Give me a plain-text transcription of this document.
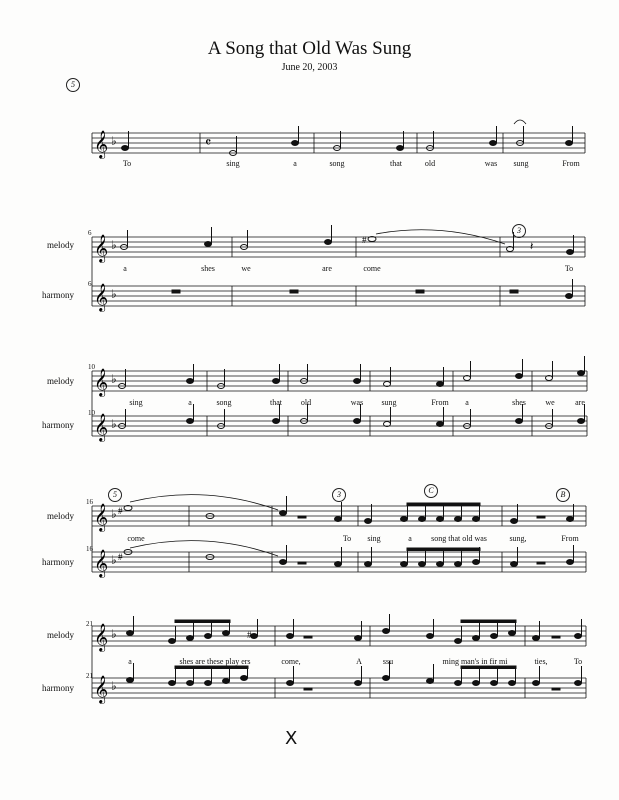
A Song that Old Was Sung
June 20, 2003
5
𝄞 ♭	𝄴
To	sing	a	song	that	old	was sung	From
melody
harmony
6
6
𝄞 ♭
𝄞 ♭
#
𝄽
3
a	shes	we	are	come	To
melody
harmony
10
10
𝄞 ♭
𝄞 ♭
sing	a	song	that old	was sung	From a	shes we	are
melody
harmony
16
16
𝄞 ♭
𝄞 ♭
#
#
5	3	C	B
come	To sing	a song that old was	sung,	From
melody
harmony
21
21
𝄞 ♭
𝄞 ♭
#
a	shes are these play ers	come,	A	ssu	ming man's in fir mi	ties,	To
X
